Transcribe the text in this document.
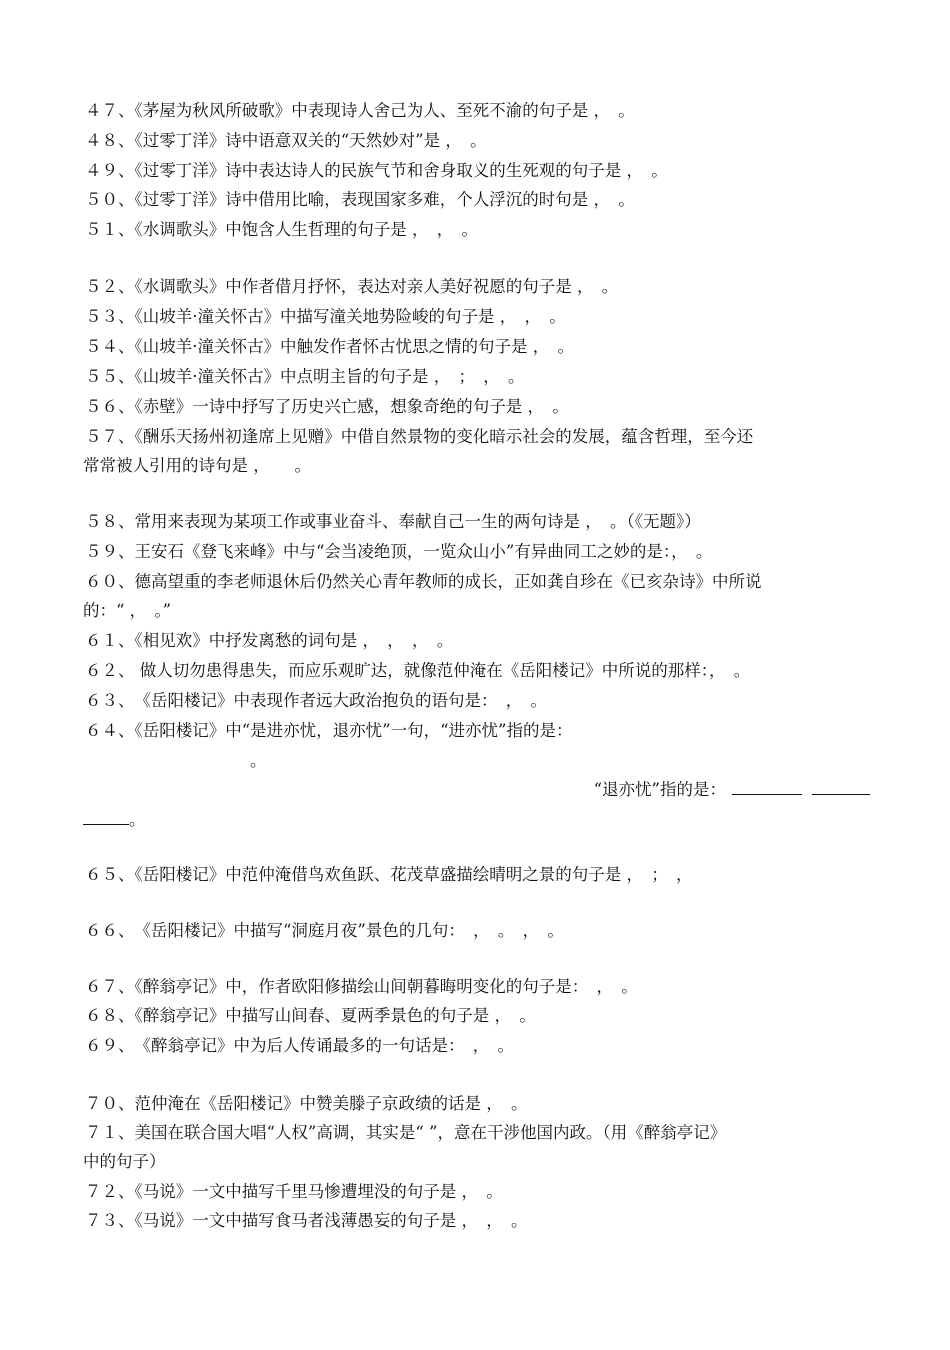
４７、《茅屋为秋风所破歌》中表现诗人舍己为人、至死不渝的句子是 ，　。
４８、《过零丁洋》诗中语意双关的“天然妙对”是 ，　。
４９、《过零丁洋》诗中表达诗人的民族气节和舍身取义的生死观的句子是 ，　。
５０、《过零丁洋》诗中借用比喻，表现国家多难，个人浮沉的时句是 ，　。
５１、《水调歌头》中饱含人生哲理的句子是 ，　，　。
５２、《水调歌头》中作者借月抒怀，表达对亲人美好祝愿的句子是 ，　。
５３、《山坡羊·潼关怀古》中描写潼关地势险峻的句子是 ，　，　。
５４、《山坡羊·潼关怀古》中触发作者怀古忧思之情的句子是 ，　。
５５、《山坡羊·潼关怀古》中点明主旨的句子是 ，　；　，　。
５６、《赤壁》一诗中抒写了历史兴亡感，想象奇绝的句子是 ，　。
５７、《酬乐天扬州初逢席上见赠》中借自然景物的变化暗示社会的发展，蕴含哲理，至今还
常常被人引用的诗句是 ，　　。
５８、常用来表现为某项工作或事业奋斗、奉献自己一生的两句诗是 ，　。（《无题》）
５９、王安石《登飞来峰》中与“会当凌绝顶，一览众山小”有异曲同工之妙的是：，　。
６０、德高望重的李老师退休后仍然关心青年教师的成长，正如龚自珍在《已亥杂诗》中所说
的：“ ，　。”
６１、《相见欢》中抒发离愁的词句是 ，　，　，　。
６２、 做人切勿患得患失，而应乐观旷达，就像范仲淹在《岳阳楼记》中所说的那样：，　。
６３、　《岳阳楼记》中表现作者远大政治抱负的语句是：　，　。
６４、《岳阳楼记》中“是进亦忧，退亦忧”一句，“进亦忧”指的是：
。
“退亦忧”指的是：
。
６５、《岳阳楼记》中范仲淹借鸟欢鱼跃、花茂草盛描绘晴明之景的句子是 ，　；　，
６６、　《岳阳楼记》中描写“洞庭月夜”景色的几句：　，　。　，　。
６７、《醉翁亭记》中，作者欧阳修描绘山间朝暮晦明变化的句子是：　，　。
６８、《醉翁亭记》中描写山间春、夏两季景色的句子是 ，　。
６９、　《醉翁亭记》中为后人传诵最多的一句话是：　，　。
７０、范仲淹在《岳阳楼记》中赞美滕子京政绩的话是 ，　。
７１、美国在联合国大唱“人权”高调，其实是“ ”，意在干涉他国内政。（用《醉翁亭记》
中的句子）
７２、《马说》一文中描写千里马惨遭埋没的句子是 ，　。
７３、《马说》一文中描写食马者浅薄愚妄的句子是 ，　，　。
